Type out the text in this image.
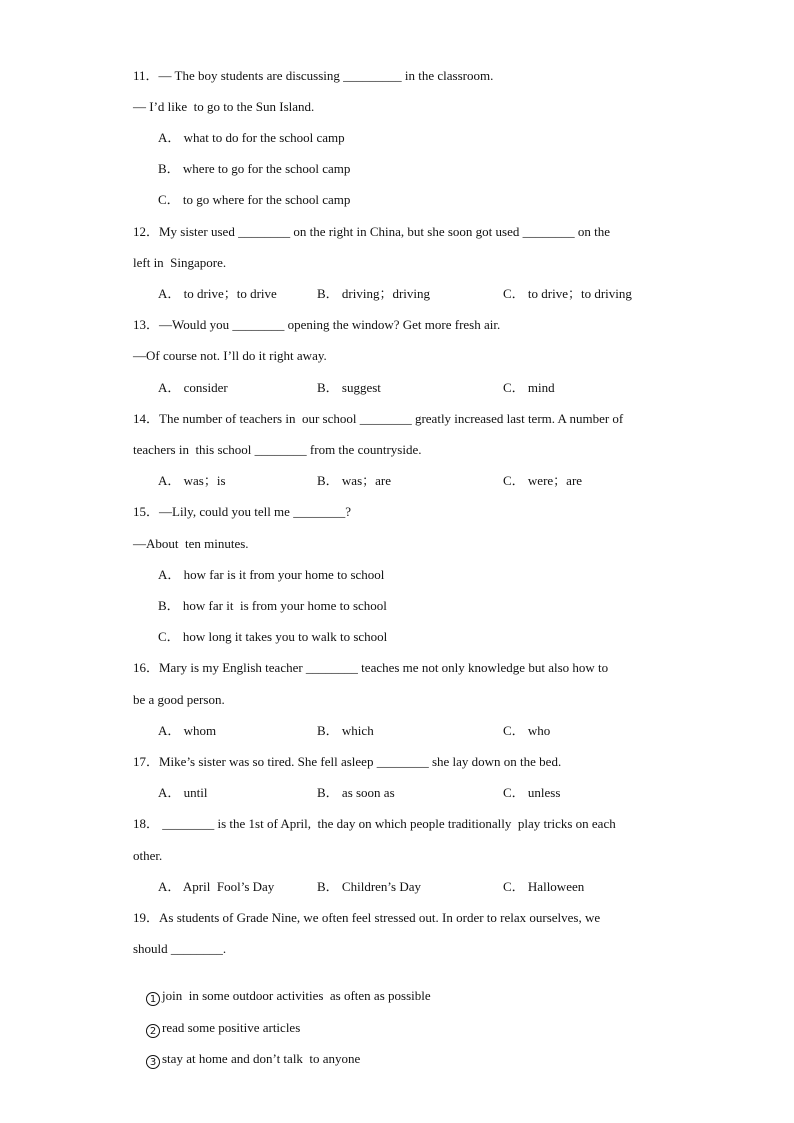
11．— The boy students are discussing _________ in the classroom.
— I’d like  to go to the Sun Island.
A． what to do for the school camp
B． where to go for the school camp
C． to go where for the school camp
12．My sister used ________ on the right in China, but she soon got used ________ on the
left in  Singapore.
A． to drive；to drive	B． driving；driving	C． to drive；to driving
13．—Would you ________ opening the window? Get more fresh air.
—Of course not. I’ll do it right away.
A． consider	B． suggest	C． mind
14．The number of teachers in  our school ________ greatly increased last term. A number of
teachers in  this school ________ from the countryside.
A． was；is	B． was；are	C． were；are
15．—Lily, could you tell me ________?
—About  ten minutes.
A． how far is it from your home to school
B． how far it  is from your home to school
C． how long it takes you to walk to school
16．Mary is my English teacher ________ teaches me not only knowledge but also how to
be a good person.
A． whom	B． which	C． who
17．Mike’s sister was so tired. She fell asleep ________ she lay down on the bed.
A． until	B． as soon as	C． unless
18． ________ is the 1st of April,  the day on which people traditionally  play tricks on each
other.
A． April  Fool’s Day	B． Children’s Day	C． Halloween
19．As students of Grade Nine, we often feel stressed out. In order to relax ourselves, we
should ________.

1 join  in some outdoor activities  as often as possible

2 read some positive articles

3 stay at home and don’t talk  to anyone
